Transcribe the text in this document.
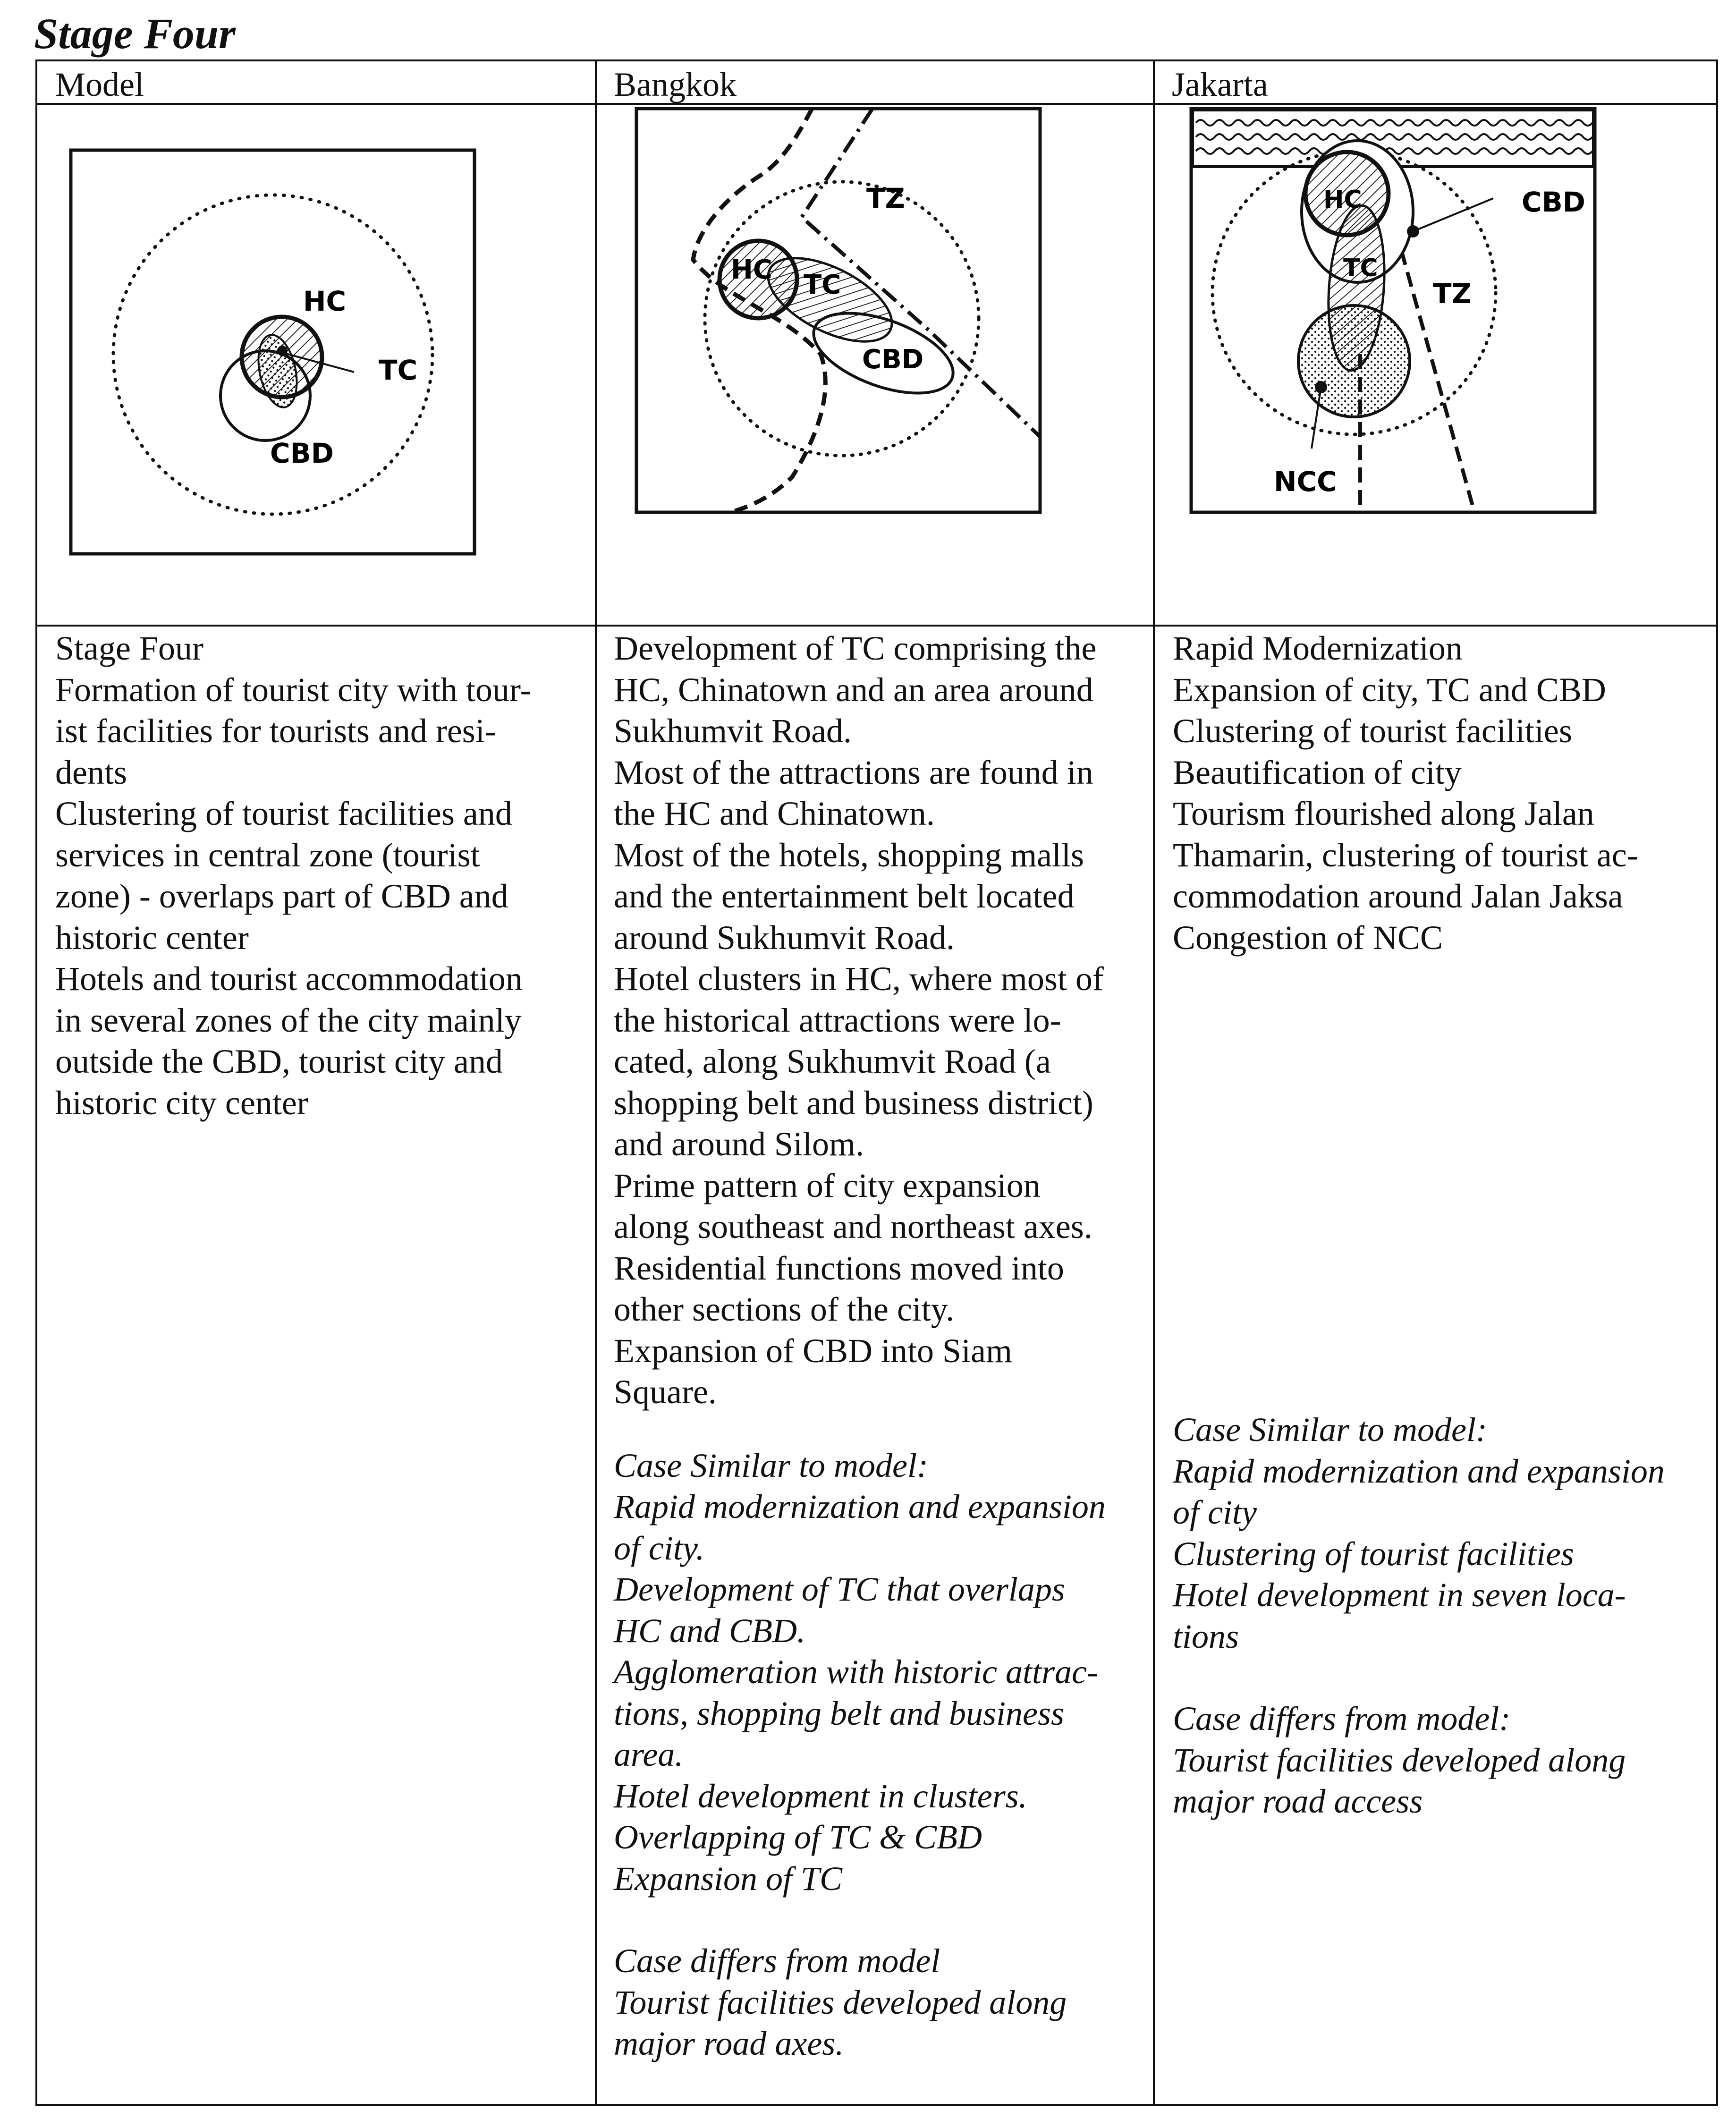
Stage Four
Model	Bangkok	Jakarta
HC
TC
CBD
TZ
HC TC
CBD
HC
TC
CBD
TZ
NCC

Stage Four

Formation of tourist city with tour-

ist facilities for tourists and resi-

dents

Clustering of tourist facilities and

services in central zone (tourist

zone) - overlaps part of CBD and

historic center

Hotels and tourist accommodation

in several zones of the city mainly

outside the CBD, tourist city and

historic city center

Development of TC comprising the

HC, Chinatown and an area around

Sukhumvit Road.

Most of the attractions are found in

the HC and Chinatown.

Most of the hotels, shopping malls

and the entertainment belt located

around Sukhumvit Road.

Hotel clusters in HC, where most of

the historical attractions were lo-

cated, along Sukhumvit Road (a

shopping belt and business district)

and around Silom.

Prime pattern of city expansion

along southeast and northeast axes.

Residential functions moved into

other sections of the city.

Expansion of CBD into Siam

Square.

Case Similar to model:

Rapid modernization and expansion

of city.

Development of TC that overlaps

HC and CBD.

Agglomeration with historic attrac-

tions, shopping belt and business

area.

Hotel development in clusters.

Overlapping of TC & CBD

Expansion of TC

Case differs from model

Tourist facilities developed along

major road axes.

Rapid Modernization

Expansion of city, TC and CBD

Clustering of tourist facilities

Beautification of city

Tourism flourished along Jalan

Thamarin, clustering of tourist ac-

commodation around Jalan Jaksa

Congestion of NCC

Case Similar to model:

Rapid modernization and expansion

of city

Clustering of tourist facilities

Hotel development in seven loca-

tions

Case differs from model:

Tourist facilities developed along

major road access
